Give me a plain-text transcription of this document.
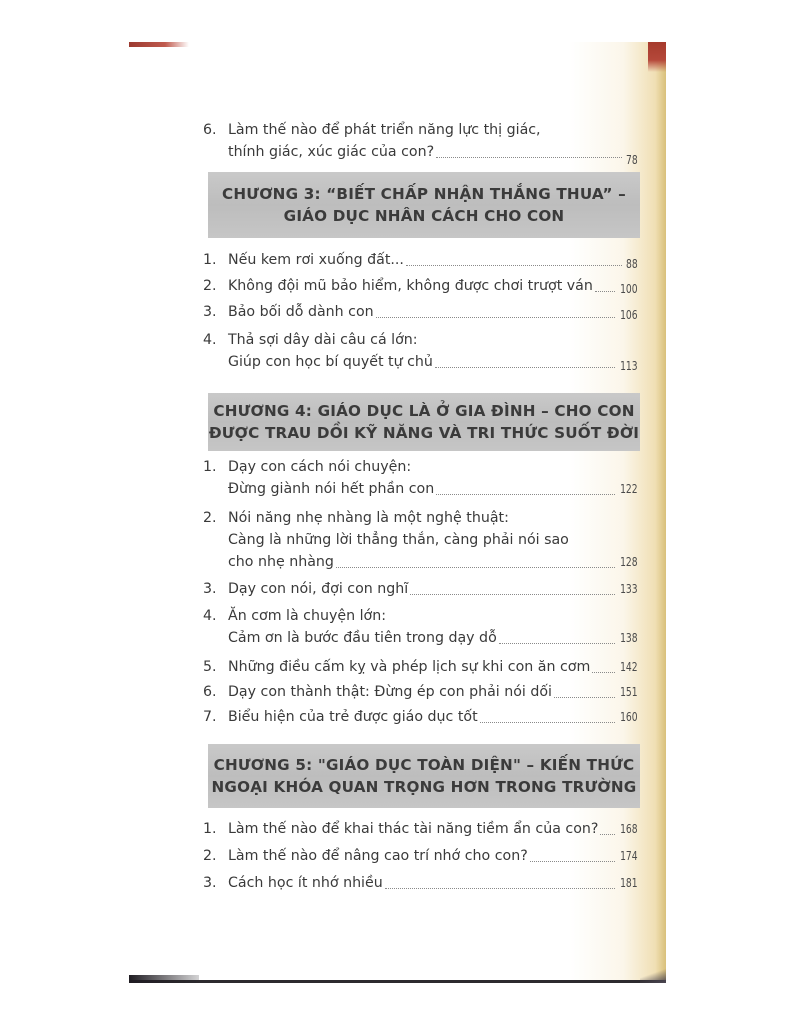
6. Làm thế nào để phát triển năng lực thị giác,
thính giác, xúc giác của con?	78
CHƯƠNG 3: “BIẾT CHẤP NHẬN THẮNG THUA” –
GIÁO DỤC NHÂN CÁCH CHO CON
1. Nếu kem rơi xuống đất...	88
2. Không đội mũ bảo hiểm, không được chơi trượt ván 100
3. Bảo bối dỗ dành con	106
4. Thả sợi dây dài câu cá lớn:
Giúp con học bí quyết tự chủ	113
CHƯƠNG 4: GIÁO DỤC LÀ Ở GIA ĐÌNH – CHO CON
ĐƯỢC TRAU DỒI KỸ NĂNG VÀ TRI THỨC SUỐT ĐỜI
1. Dạy con cách nói chuyện:
Đừng giành nói hết phần con	122
2. Nói năng nhẹ nhàng là một nghệ thuật:
Càng là những lời thẳng thắn, càng phải nói sao
cho nhẹ nhàng	128
3. Dạy con nói, đợi con nghĩ	133
4. Ăn cơm là chuyện lớn:
Cảm ơn là bước đầu tiên trong dạy dỗ	138
5. Những điều cấm kỵ và phép lịch sự khi con ăn cơm	142
6. Dạy con thành thật: Đừng ép con phải nói dối	151
7. Biểu hiện của trẻ được giáo dục tốt	160
CHƯƠNG 5: "GIÁO DỤC TOÀN DIỆN" – KIẾN THỨC
NGOẠI KHÓA QUAN TRỌNG HƠN TRONG TRƯỜNG
1. Làm thế nào để khai thác tài năng tiềm ẩn của con? 168
2. Làm thế nào để nâng cao trí nhớ cho con?	174
3. Cách học ít nhớ nhiều	181
